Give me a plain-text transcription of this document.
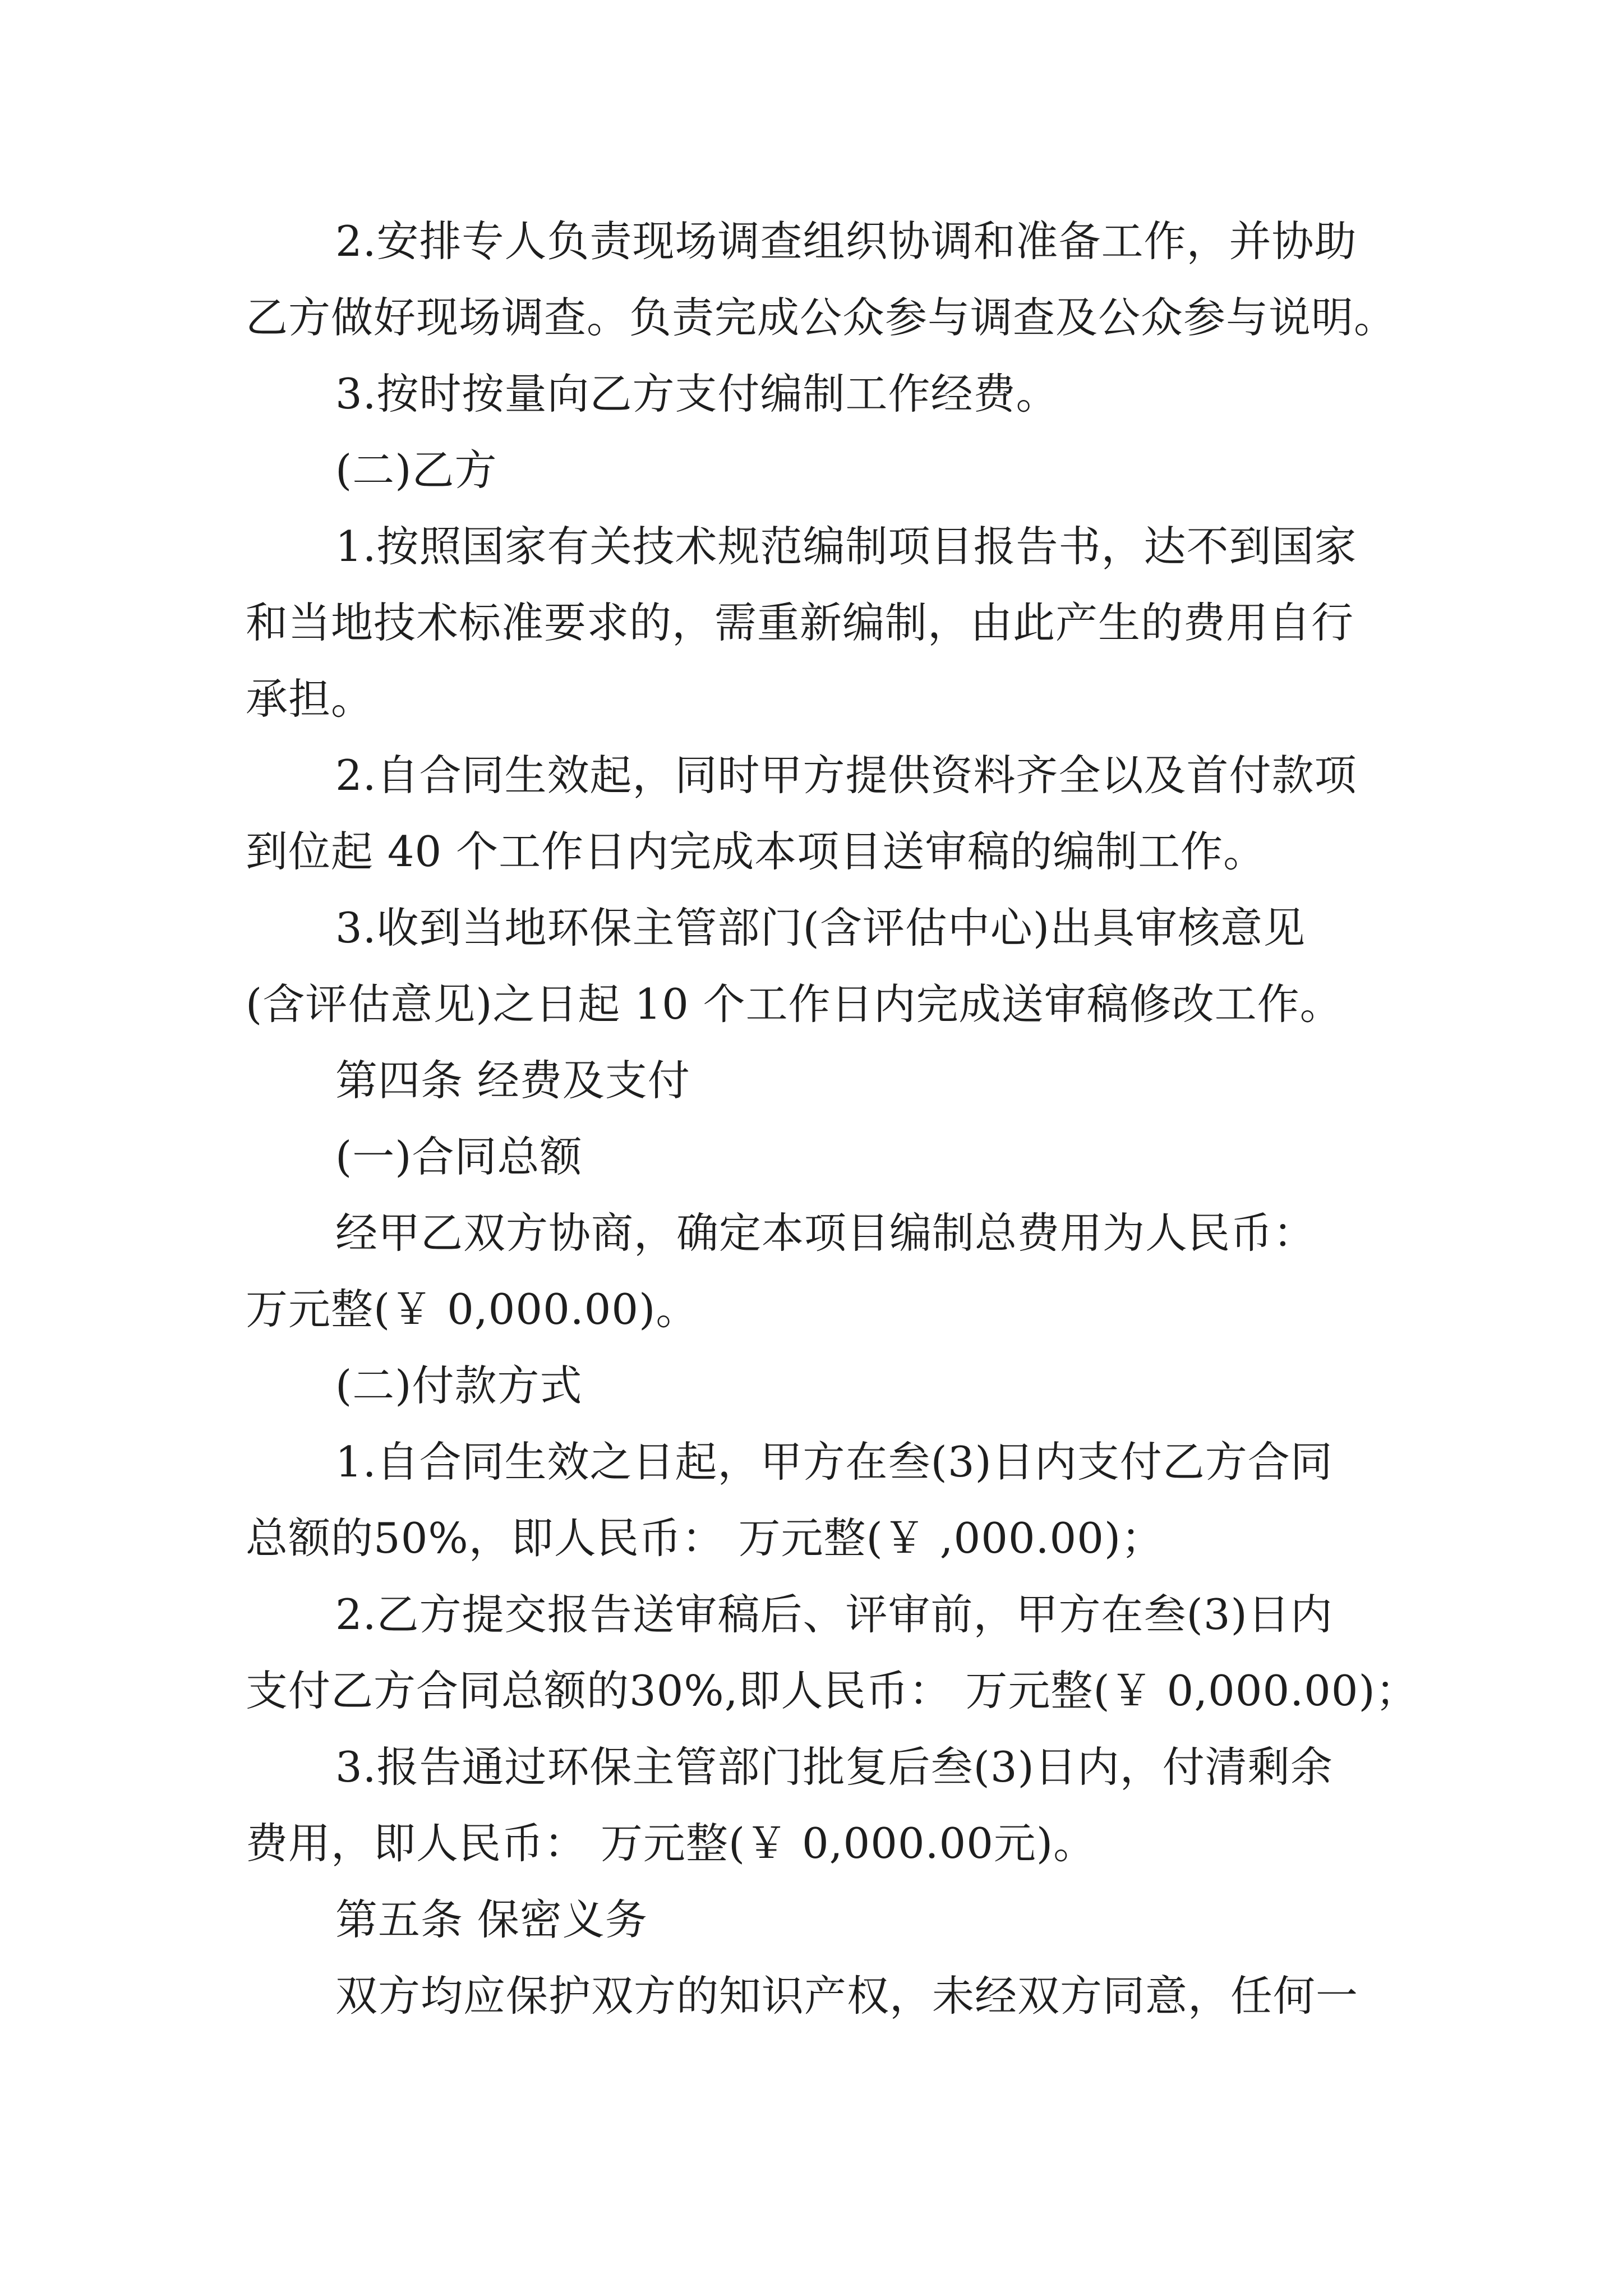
2.安排专人负责现场调查组织协调和准备工作，并协助
乙方做好现场调查。负责完成公众参与调查及公众参与说明。
3.按时按量向乙方支付编制工作经费。
(二)乙方
1.按照国家有关技术规范编制项目报告书，达不到国家
和当地技术标准要求的，需重新编制，由此产生的费用自行
承担。
2.自合同生效起，同时甲方提供资料齐全以及首付款项
到位起 40 个工作日内完成本项目送审稿的编制工作。
3.收到当地环保主管部门(含评估中心)出具审核意见
(含评估意见)之日起 10 个工作日内完成送审稿修改工作。
第四条 经费及支付
(一)合同总额
经甲乙双方协商，确定本项目编制总费用为人民币：
万元整(￥ 0,000.00)。
(二)付款方式
1.自合同生效之日起，甲方在叁(3)日内支付乙方合同
总额的50%，即人民币： 万元整(￥ ,000.00)；
2.乙方提交报告送审稿后、评审前，甲方在叁(3)日内
支付乙方合同总额的30%,即人民币： 万元整(￥ 0,000.00)；
3.报告通过环保主管部门批复后叁(3)日内，付清剩余
费用，即人民币： 万元整(￥ 0,000.00元)。
第五条 保密义务
双方均应保护双方的知识产权，未经双方同意，任何一
